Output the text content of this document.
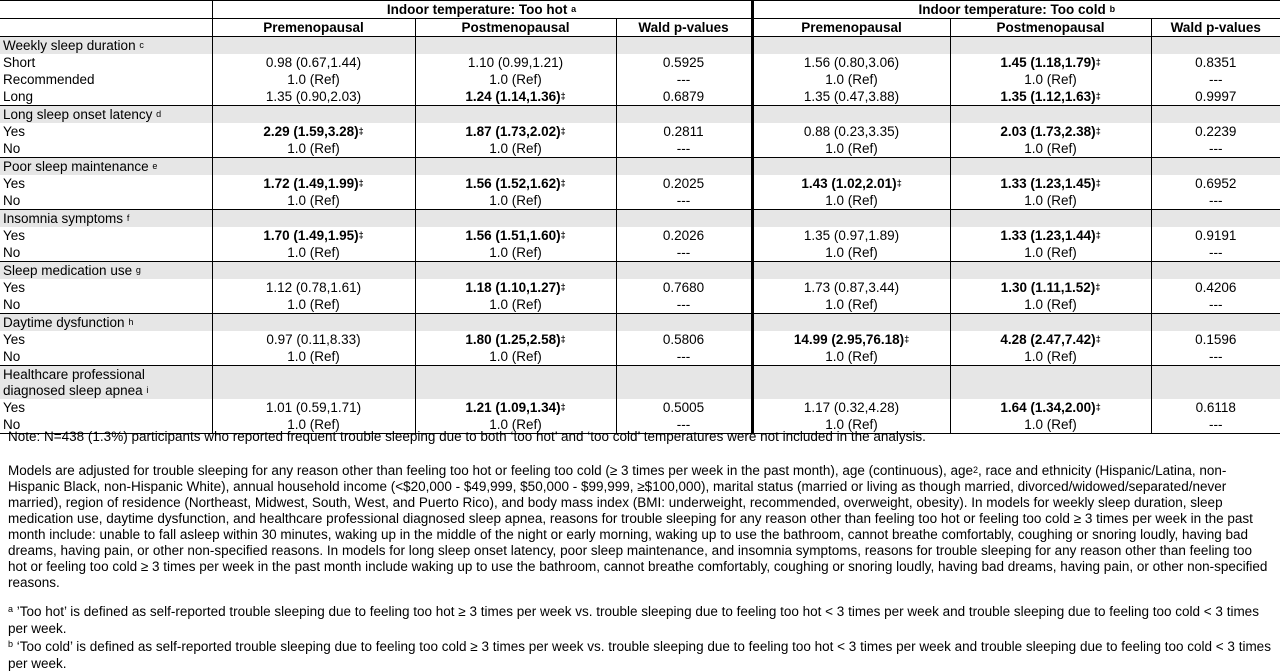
	Indoor temperature: Too hot $^a$			Indoor temperature: Too cold $^b$
	Premenopausal	Postmenopausal	Wald p-values	Premenopausal	Postmenopausal	Wald p-values
Weekly sleep duration $^c$						
Short	0.98 (0.67,1.44)	1.10 (0.99,1.21)	0.5925	1.56 (0.80,3.06)	1.45 (1.18,1.79)‡	0.8351
Recommended	1.0 (Ref)	1.0 (Ref)	---	1.0 (Ref)	1.0 (Ref)	---
Long	1.35 (0.90,2.03)	1.24 (1.14,1.36)‡	0.6879	1.35 (0.47,3.88)	1.35 (1.12,1.63)‡	0.9997
Long sleep onset latency $^d$						
Yes	2.29 (1.59,3.28)‡	1.87 (1.73,2.02)‡	0.2811	0.88 (0.23,3.35)	2.03 (1.73,2.38)‡	0.2239
No	1.0 (Ref)	1.0 (Ref)	---	1.0 (Ref)	1.0 (Ref)	---
Poor sleep maintenance $^e$						
Yes	1.72 (1.49,1.99)‡	1.56 (1.52,1.62)‡	0.2025	1.43 (1.02,2.01)‡	1.33 (1.23,1.45)‡	0.6952
No	1.0 (Ref)	1.0 (Ref)	---	1.0 (Ref)	1.0 (Ref)	---
Insomnia symptoms $^f$						
Yes	1.70 (1.49,1.95)‡	1.56 (1.51,1.60)‡	0.2026	1.35 (0.97,1.89)	1.33 (1.23,1.44)‡	0.9191
No	1.0 (Ref)	1.0 (Ref)	---	1.0 (Ref)	1.0 (Ref)	---
Sleep medication use $^g$						
Yes	1.12 (0.78,1.61)	1.18 (1.10,1.27)‡	0.7680	1.73 (0.87,3.44)	1.30 (1.11,1.52)‡	0.4206
No	1.0 (Ref)	1.0 (Ref)	---	1.0 (Ref)	1.0 (Ref)	---
Daytime dysfunction $^h$						
Yes	0.97 (0.11,8.33)	1.80 (1.25,2.58)‡	0.5806	14.99 (2.95,76.18)‡	4.28 (2.47,7.42)‡	0.1596
No	1.0 (Ref)	1.0 (Ref)	---	1.0 (Ref)	1.0 (Ref)	---
Healthcare professional
diagnosed sleep apnea $^i$						
Yes	1.01 (0.59,1.71)	1.21 (1.09,1.34)‡	0.5005	1.17 (0.32,4.28)	1.64 (1.34,2.00)‡	0.6118
No	1.0 (Ref)	1.0 (Ref)	---	1.0 (Ref)	1.0 (Ref)	---
Note: N=438 (1.3%) participants who reported frequent trouble sleeping due to both ‘too hot’ and ‘too cold’ temperatures were not included in the analysis.
Models are adjusted for trouble sleeping for any reason other than feeling too hot or feeling too cold (≥ 3 times per week in the past month), age (continuous), age$^2$, race and ethnicity (Hispanic/Latina, non-Hispanic Black, non-Hispanic White), annual household income (<$20,000 - $49,999, $50,000 - $99,999, ≥$100,000), marital status (married or living as though married, divorced/widowed/separated/never married), region of residence (Northeast, Midwest, South, West, and Puerto Rico), and body mass index (BMI: underweight, recommended, overweight, obesity). In models for weekly sleep duration, sleep medication use, daytime dysfunction, and healthcare professional diagnosed sleep apnea, reasons for trouble sleeping for any reason other than feeling too hot or feeling too cold ≥ 3 times per week in the past month include: unable to fall asleep within 30 minutes, waking up in the middle of the night or early morning, waking up to use the bathroom, cannot breathe comfortably, coughing or snoring loudly, having bad dreams, having pain, or other non-specified reasons. In models for long sleep onset latency, poor sleep maintenance, and insomnia symptoms, reasons for trouble sleeping for any reason other than feeling too hot or feeling too cold ≥ 3 times per week in the past month include waking up to use the bathroom, cannot breathe comfortably, coughing or snoring loudly, having bad dreams, having pain, or other non-specified reasons.
$^a$ ’Too hot’ is defined as self-reported trouble sleeping due to feeling too hot ≥ 3 times per week vs. trouble sleeping due to feeling too hot < 3 times per week and trouble sleeping due to feeling too cold < 3 times per week.
$^b$ ‘Too cold’ is defined as self-reported trouble sleeping due to feeling too cold ≥ 3 times per week vs. trouble sleeping due to feeling too hot < 3 times per week and trouble sleeping due to feeling too cold < 3 times per week.
